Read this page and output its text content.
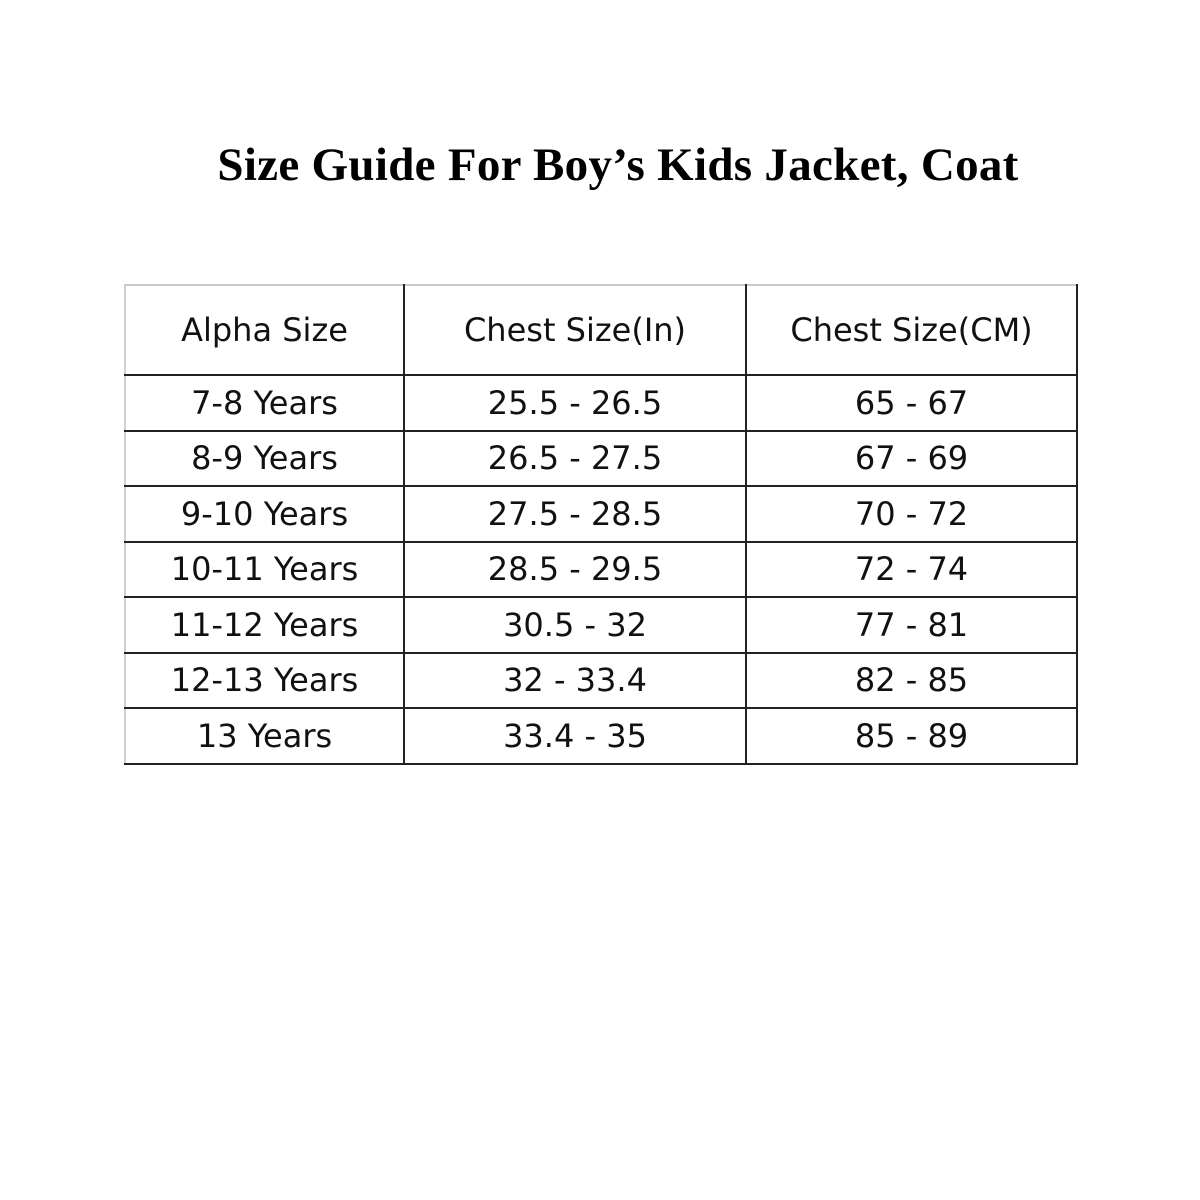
Size Guide For Boy’s Kids Jacket, Coat
Alpha Size	Chest Size(In)	Chest Size(CM)
7-8 Years	25.5 - 26.5	65 - 67
8-9 Years	26.5 - 27.5	67 - 69
9-10 Years	27.5 - 28.5	70 - 72
10-11 Years	28.5 - 29.5	72 - 74
11-12 Years	30.5 - 32	77 - 81
12-13 Years	32 - 33.4	82 - 85
13 Years	33.4 - 35	85 - 89
